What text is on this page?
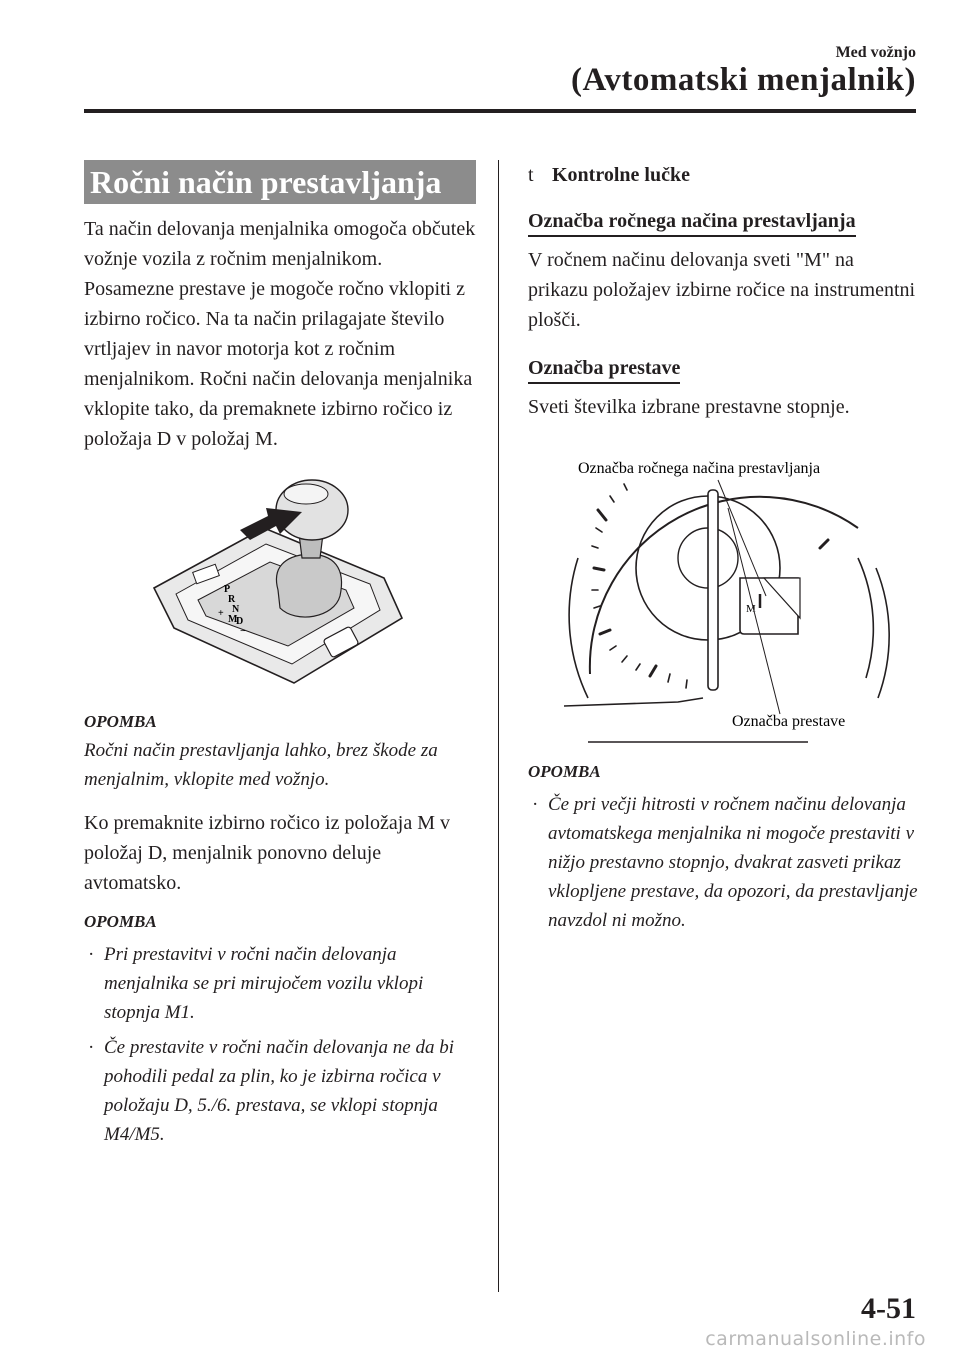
Med vožnjo
(Avtomatski menjalnik)
Ročni način prestavljanja

Ta način delovanja menjalnika omogoča občutek vožnje vozila z ročnim menjalnikom. Posamezne prestave je mogoče ročno vklopiti z izbirno ročico. Na ta način prilagajate število vrtljajev in navor motorja kot z ročnim menjalnikom. Ročni način delovanja menjalnika vklopite tako, da premaknete izbirno ročico iz položaja D v položaj M.

P
R
N
D
M
+
−
OPOMBA

Ročni način prestavljanja lahko, brez škode za menjalnim, vklopite med vožnjo.

Ko premaknite izbirno ročico iz položaja M v položaj D, menjalnik ponovno deluje avtomatsko.

OPOMBA
· Pri prestavitvi v ročni način delovanja menjalnika se pri mirujočem vozilu vklopi stopnja M1.
· Če prestavite v ročni način delovanja ne da bi pohodili pedal za plin, ko je izbirna ročica v položaju D, 5./6. prestava, se vklopi stopnja M4/M5.
t Kontrolne lučke
Označba ročnega načina prestavljanja

V ročnem načinu delovanja sveti "M" na prikazu položajev izbirne ročice na instrumentni plošči.

Označba prestave

Sveti številka izbrane prestavne stopnje.

Označba ročnega načina prestavljanja
M
Označba prestave
OPOMBA
· Če pri večji hitrosti v ročnem načinu delovanja avtomatskega menjalnika ni mogoče prestaviti v nižjo prestavno stopnjo, dvakrat zasveti prikaz vklopljene prestave, da opozori, da prestavljanje navzdol ni možno.
4-51
carmanualsonline.info
